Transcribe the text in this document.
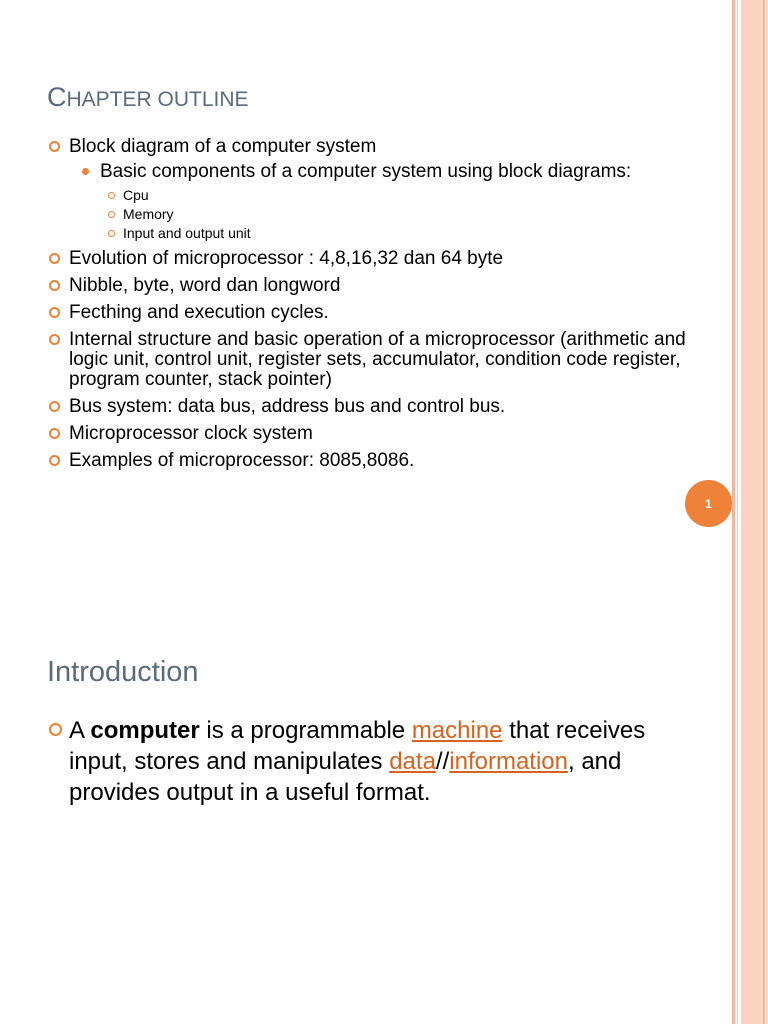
CHAPTER OUTLINE
Block diagram of a computer system
Basic components of a computer system using block diagrams:
Cpu
Memory
Input and output unit
Evolution of microprocessor : 4,8,16,32 dan 64 byte
Nibble, byte, word dan longword
Fecthing and execution cycles.
Internal structure and basic operation of a microprocessor (arithmetic and logic unit, control unit, register sets, accumulator, condition code register, program counter, stack pointer)
Bus system: data bus, address bus and control bus.
Microprocessor clock system
Examples of microprocessor: 8085,8086.
1
Introduction
A computer is a programmable machine that receives input, stores and manipulates data//information, and provides output in a useful format.
